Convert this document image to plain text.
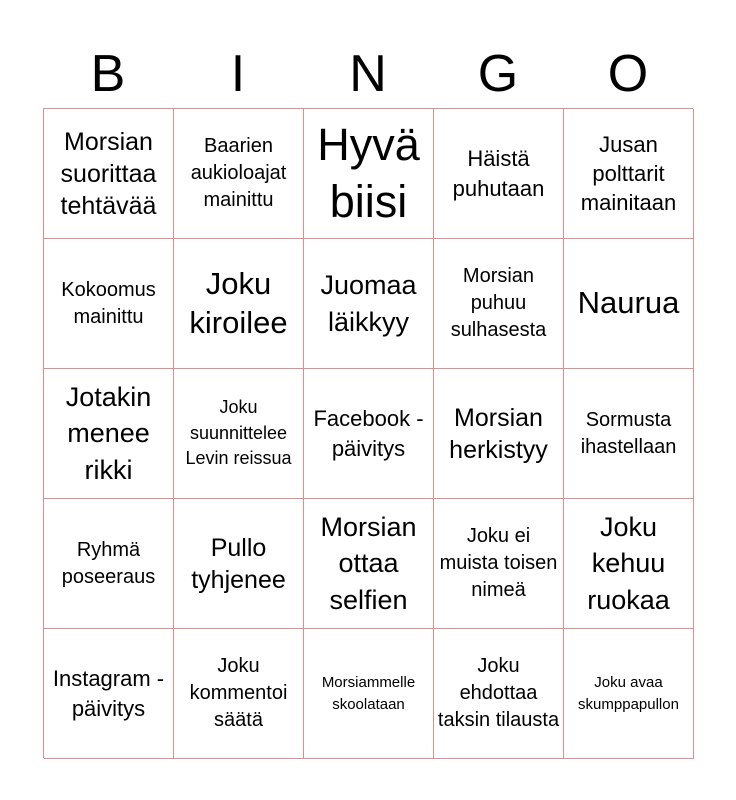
B	I	N	G	O
Morsian suorittaa tehtävää
Baarien aukioloajat mainittu
Hyvä biisi
Häistä puhutaan
Jusan polttarit mainitaan
Kokoomus mainittu
Joku kiroilee
Juomaa läikkyy
Morsian puhuu sulhasesta
Naurua
Jotakin menee rikki
Joku suunnittelee Levin reissua
Facebook -päivitys
Morsian herkistyy
Sormusta ihastellaan
Ryhmä poseeraus
Pullo tyhjenee
Morsian ottaa selfien
Joku ei muista toisen nimeä
Joku kehuu ruokaa
Instagram -päivitys
Joku kommentoi säätä
Morsiammelle skoolataan
Joku ehdottaa taksin tilausta
Joku avaa skumppapullon
